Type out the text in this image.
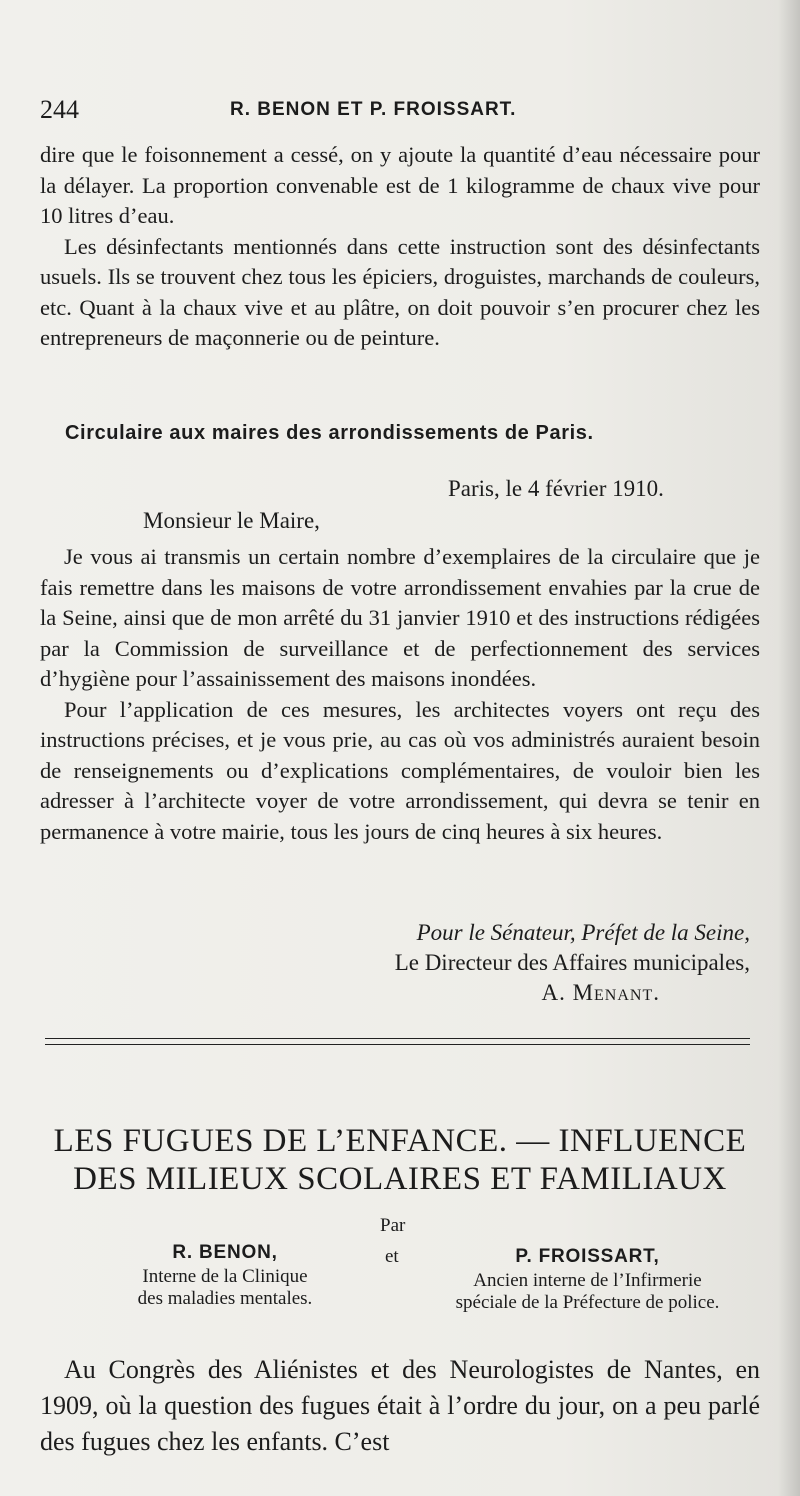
244	R. BENON ET P. FROISSART.

dire que le foisonnement a cessé, on y ajoute la quantité d’eau nécessaire pour la délayer. La proportion convenable est de 1 kilogramme de chaux vive pour 10 litres d’eau.

Les désinfectants mentionnés dans cette instruction sont des désinfectants usuels. Ils se trouvent chez tous les épiciers, droguistes, marchands de couleurs, etc. Quant à la chaux vive et au plâtre, on doit pouvoir s’en procurer chez les entrepreneurs de maçonnerie ou de peinture.

Circulaire aux maires des arrondissements de Paris.
Paris, le 4 février 1910.
Monsieur le Maire,

Je vous ai transmis un certain nombre d’exemplaires de la circulaire que je fais remettre dans les maisons de votre arrondissement envahies par la crue de la Seine, ainsi que de mon arrêté du 31 janvier 1910 et des instructions rédigées par la Commission de surveillance et de perfectionnement des services d’hygiène pour l’assainissement des maisons inondées.

Pour l’application de ces mesures, les architectes voyers ont reçu des instructions précises, et je vous prie, au cas où vos administrés auraient besoin de renseignements ou d’explications complémentaires, de vouloir bien les adresser à l’architecte voyer de votre arrondissement, qui devra se tenir en permanence à votre mairie, tous les jours de cinq heures à six heures.

Pour le Sénateur, Préfet de la Seine,
Le Directeur des Affaires municipales,
A. Menant.
LES FUGUES DE L’ENFANCE. — INFLUENCE
DES MILIEUX SCOLAIRES ET FAMILIAUX
Par
et
R. BENON,
Interne de la Clinique
des maladies mentales.
P. FROISSART,
Ancien interne de l’Infirmerie
spéciale de la Préfecture de police.

Au Congrès des Aliénistes et des Neurologistes de Nantes, en 1909, où la question des fugues était à l’ordre du jour, on a peu parlé des fugues chez les enfants. C’est
